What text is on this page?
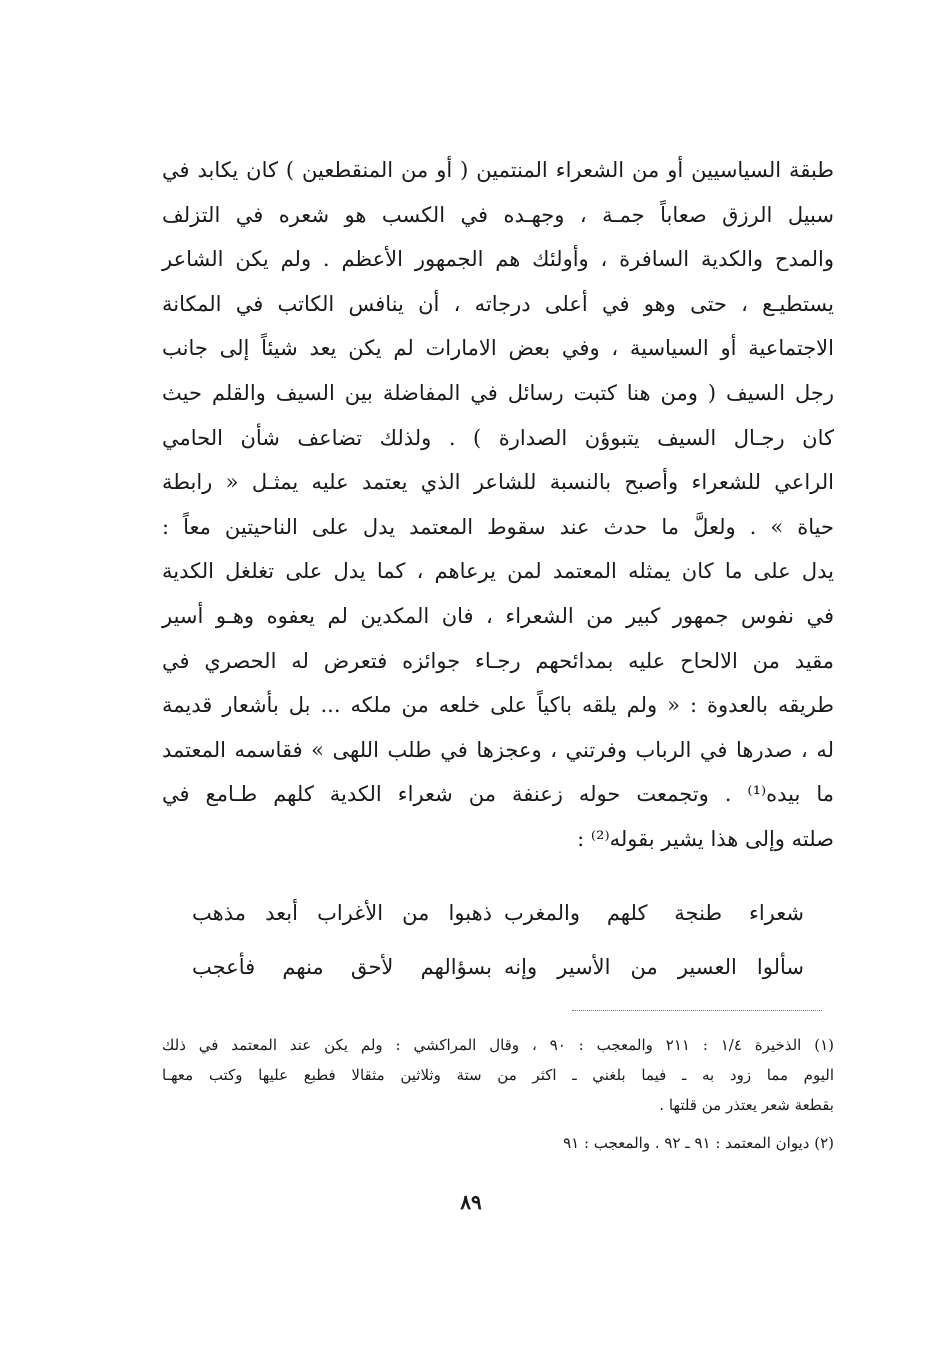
طبقة السياسيين أو من الشعراء المنتمين ( أو من المنقطعين ) كان يكابد في
سبيل الرزق صعاباً جمـة ، وجهـده في الكسب هو شعره في التزلف
والمدح والكدية السافرة ، وأولئك هم الجمهور الأعظم . ولم يكن الشاعر
يستطيـع ، حتى وهو في أعلى درجاته ، أن ينافس الكاتب في المكانة
الاجتماعية أو السياسية ، وفي بعض الامارات لم يكن يعد شيئاً إلى جانب
رجل السيف ( ومن هنا كتبت رسائل في المفاضلة بين السيف والقلم حيث
كان رجـال السيف يتبوؤن الصدارة ) . ولذلك تضاعف شأن الحامي
الراعي للشعراء وأصبح بالنسبة للشاعر الذي يعتمد عليه يمثـل « رابطة
حياة » . ولعلَّ ما حدث عند سقوط المعتمد يدل على الناحيتين معاً :
يدل على ما كان يمثله المعتمد لمن يرعاهم ، كما يدل على تغلغل الكدية
في نفوس جمهور كبير من الشعراء ، فان المكدين لم يعفوه وهـو أسير
مقيد من الالحاح عليه بمدائحهم رجـاء جوائزه فتعرض له الحصري في
طريقه بالعدوة : « ولم يلقه باكياً على خلعه من ملكه ... بل بأشعار قديمة
له ، صدرها في الرباب وفرتني ، وعجزها في طلب اللهى » فقاسمه المعتمد
ما بيده⁽¹⁾ . وتجمعت حوله زعنفة من شعراء الكدية كلهم طـامع في
صلته وإلى هذا يشير بقوله⁽²⁾ :
شعراء طنجة كلهم والمغرب
ذهبوا من الأغراب أبعد مذهب
سألوا العسير من الأسير وإنه
بسؤالهم لأحق منهم فأعجب
(١) الذخيرة ١/٤ : ٢١١ والمعجب : ٩٠ ، وقال المراكشي : ولم يكن عند المعتمد في ذلك
اليوم مما زود به ـ فيما بلغني ـ اكثر من ستة وثلاثين مثقالا فطبع عليها وكتب معهـا
بقطعة شعر يعتذر من قلتها .
(٢) ديوان المعتمد : ٩١ ـ ٩٢ . والمعجب : ٩١
٨٩
